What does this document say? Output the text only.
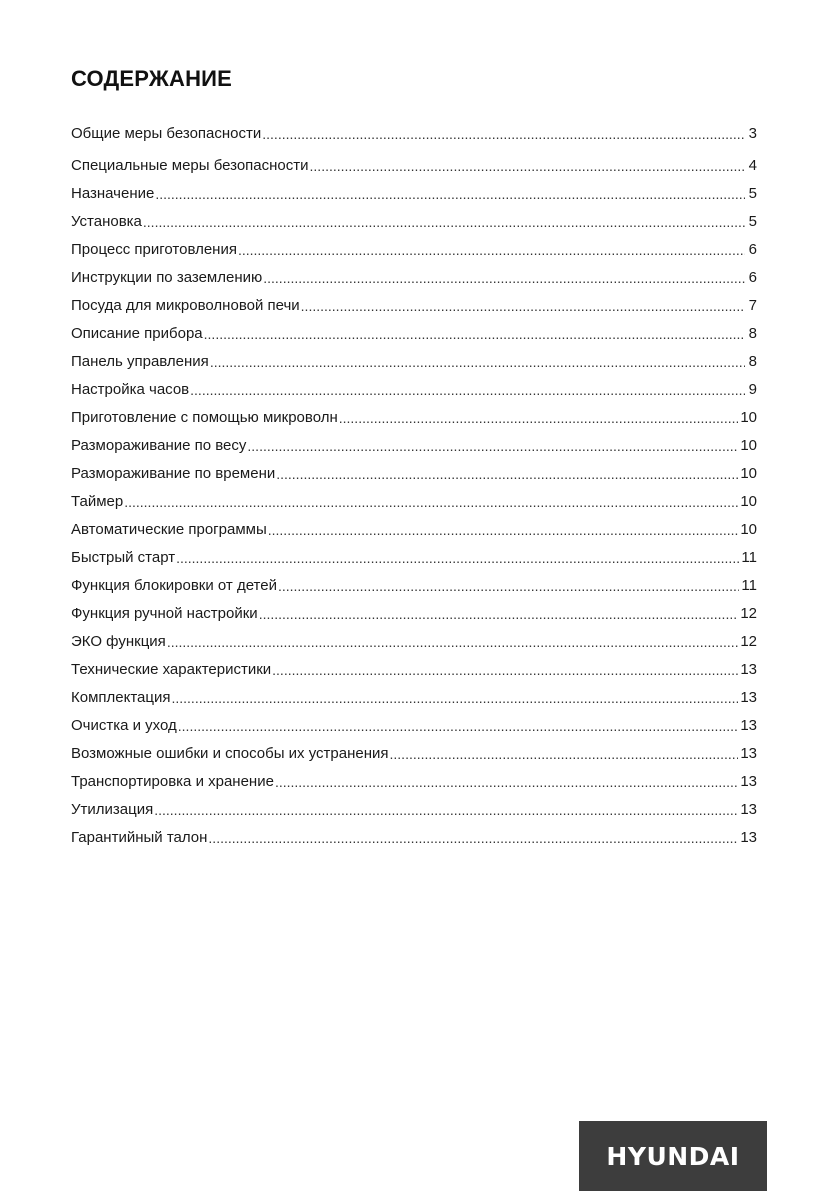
СОДЕРЖАНИЕ
Общие меры безопасности .....	3
Специальные меры безопасности .....	4
Назначение .....	5
Установка .....	5
Процесс приготовления .....	6
Инструкции по заземлению .....	6
Посуда для микроволновой печи .....	7
Описание прибора .....	8
Панель управления .....	8
Настройка часов .....	9
Приготовление с помощью микроволн .....	10
Размораживание по весу .....	10
Размораживание по времени .....	10
Таймер .....	10
Автоматические программы .....	10
Быстрый старт .....	11
Функция блокировки от детей .....	11
Функция ручной настройки .....	12
ЭКО функция .....	12
Технические характеристики .....	13
Комплектация .....	13
Очистка и уход .....	13
Возможные ошибки и способы их устранения .....	13
Транспортировка и хранение .....	13
Утилизация .....	13
Гарантийный талон .....	13
HYUNDAI
